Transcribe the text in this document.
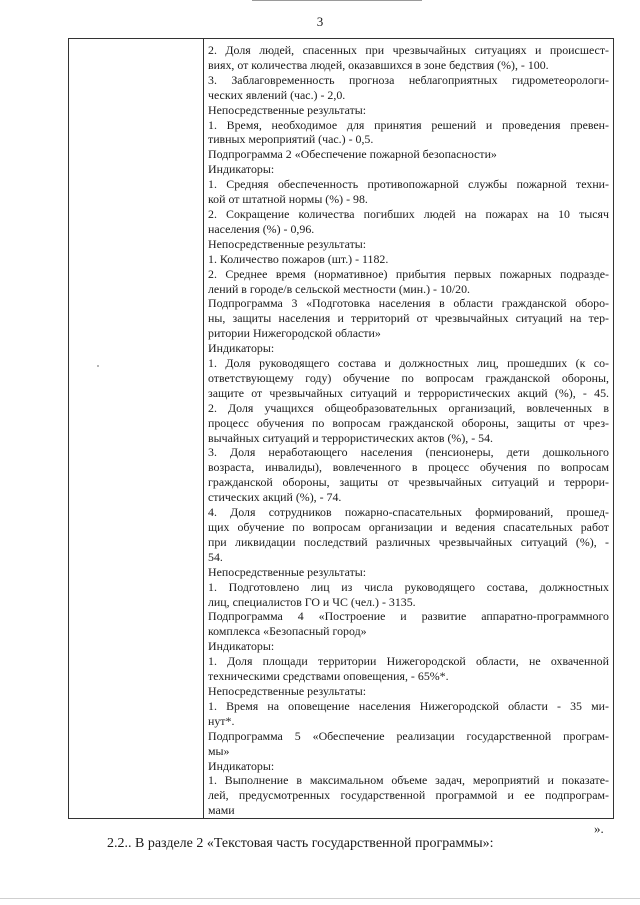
3
2. Доля людей, спасенных при чрезвычайных ситуациях и происшест-
виях, от количества людей, оказавшихся в зоне бедствия (%), - 100.
3. Заблаговременность прогноза неблагоприятных гидрометеорологи-
ческих явлений (час.) - 2,0.
Непосредственные результаты:
1. Время, необходимое для принятия решений и проведения превен-
тивных мероприятий (час.) - 0,5.
Подпрограмма 2 «Обеспечение пожарной безопасности»
Индикаторы:
1. Средняя обеспеченность противопожарной службы пожарной техни-
кой от штатной нормы (%) - 98.
2. Сокращение количества погибших людей на пожарах на 10 тысяч
населения (%) - 0,96.
Непосредственные результаты:
1. Количество пожаров (шт.) - 1182.
2. Среднее время (нормативное) прибытия первых пожарных подразде-
лений в городе/в сельской местности (мин.) - 10/20.
Подпрограмма 3 «Подготовка населения в области гражданской оборо-
ны, защиты населения и территорий от чрезвычайных ситуаций на тер-
ритории Нижегородской области»
Индикаторы:
1. Доля руководящего состава и должностных лиц, прошедших (к со-
ответствующему году) обучение по вопросам гражданской обороны,
защите от чрезвычайных ситуаций и террористических акций (%), - 45.
2. Доля учащихся общеобразовательных организаций, вовлеченных в
процесс обучения по вопросам гражданской обороны, защиты от чрез-
вычайных ситуаций и террористических актов (%), - 54.
3. Доля неработающего населения (пенсионеры, дети дошкольного
возраста, инвалиды), вовлеченного в процесс обучения по вопросам
гражданской обороны, защиты от чрезвычайных ситуаций и террори-
стических акций (%), - 74.
4. Доля сотрудников пожарно-спасательных формирований, прошед-
щих обучение по вопросам организации и ведения спасательных работ
при ликвидации последствий различных чрезвычайных ситуаций (%), -
54.
Непосредственные результаты:
1. Подготовлено лиц из числа руководящего состава, должностных
лиц, специалистов ГО и ЧС (чел.) - 3135.
Подпрограмма 4 «Построение и развитие аппаратно-программного
комплекса «Безопасный город»
Индикаторы:
1. Доля площади территории Нижегородской области, не охваченной
техническими средствами оповещения, - 65%*.
Непосредственные результаты:
1. Время на оповещение населения Нижегородской области - 35 ми-
нут*.
Подпрограмма 5 «Обеспечение реализации государственной програм-
мы»
Индикаторы:
1. Выполнение в максимальном объеме задач, мероприятий и показате-
лей, предусмотренных государственной программой и ее подпрограм-
мами
».
2.2.. В разделе 2 «Текстовая часть государственной программы»:
